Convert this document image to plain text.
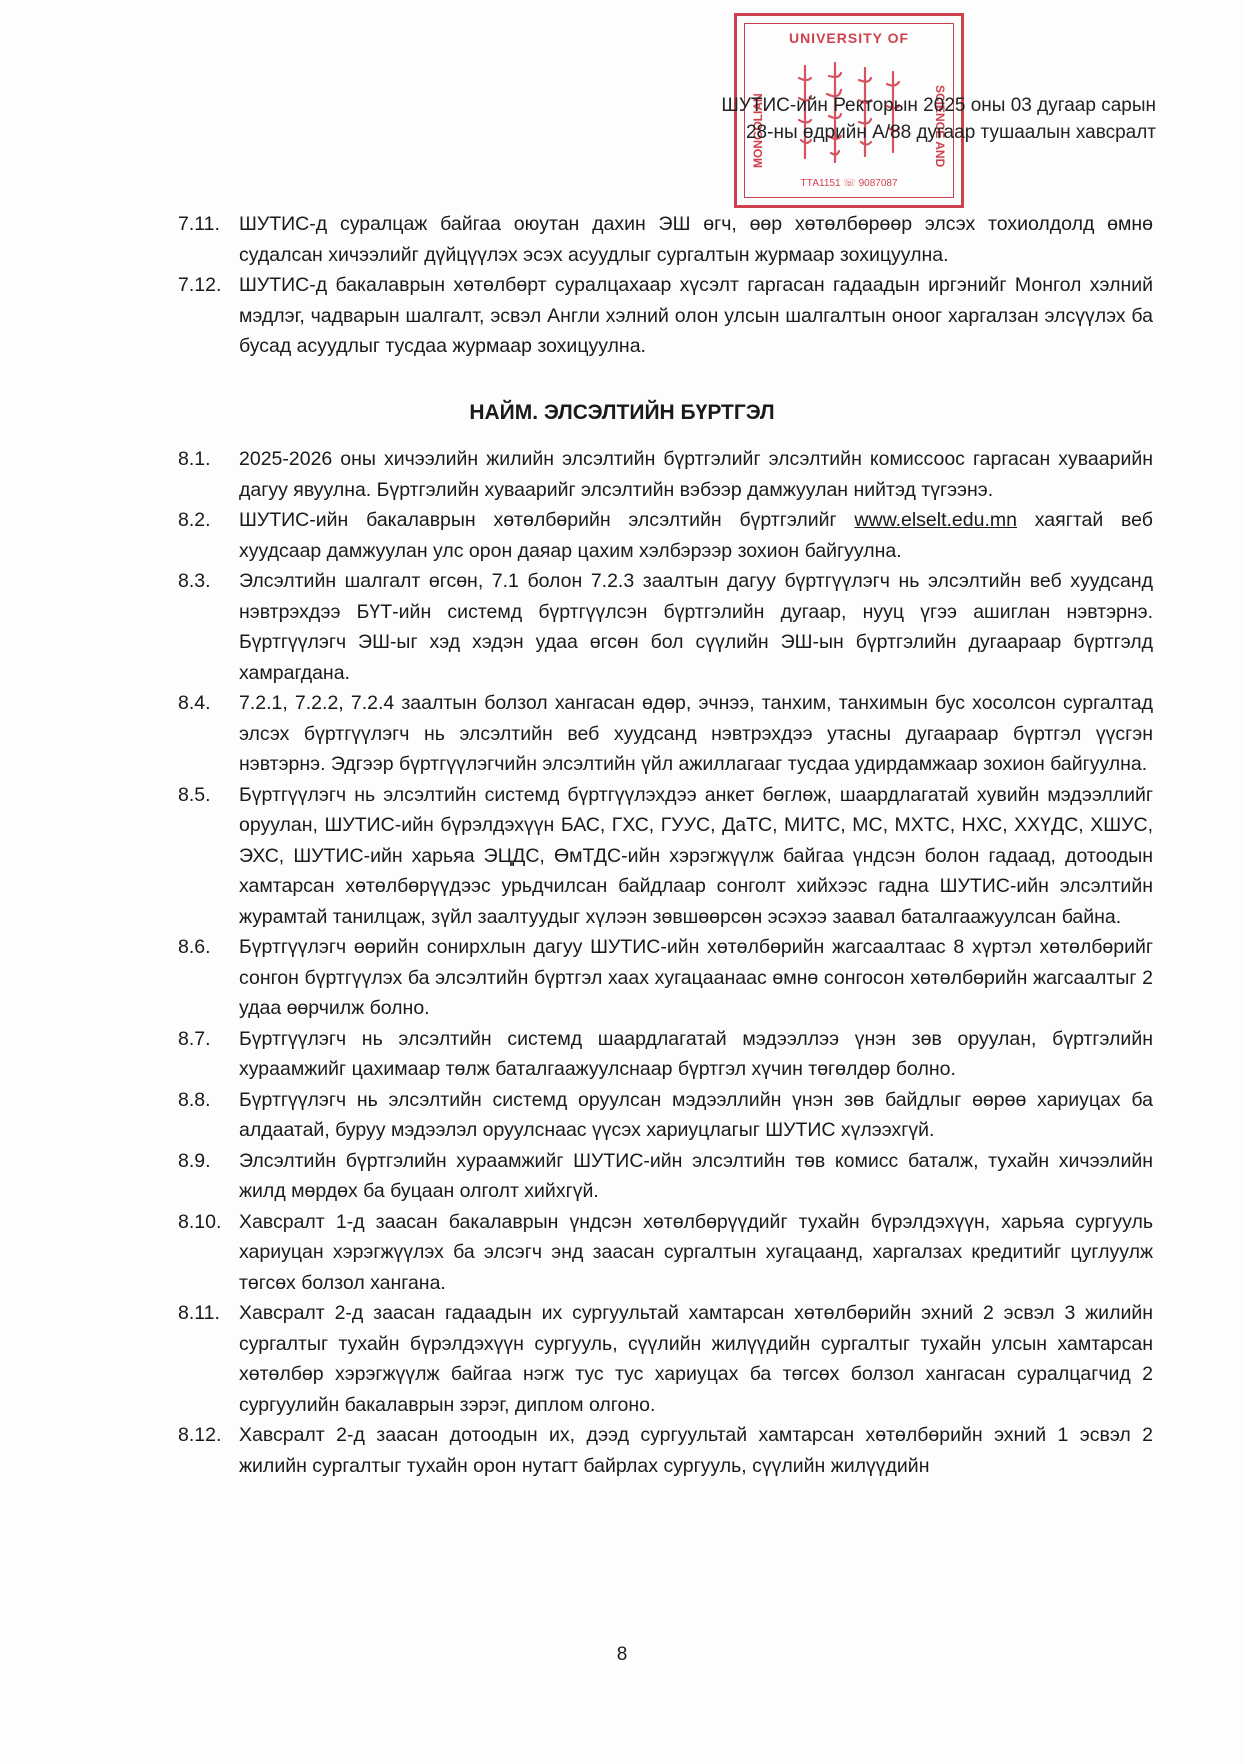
UNIVERSITY OF
MONGOLIAN	SCIENCE AND
ТТА1151 ☏ 9087087
ШУТИС-ийн Ректорын 2025 оны 03 дугаар сарын
28-ны өдрийн А/88 дугаар тушаалын хавсралт

7.11. ШУТИС-д суралцаж байгаа оюутан дахин ЭШ өгч, өөр хөтөлбөрөөр элсэх тохиолдолд өмнө судалсан хичээлийг дүйцүүлэх эсэх асуудлыг сургалтын журмаар зохицуулна.

7.12. ШУТИС-д бакалаврын хөтөлбөрт суралцахаар хүсэлт гаргасан гадаадын иргэнийг Монгол хэлний мэдлэг, чадварын шалгалт, эсвэл Англи хэлний олон улсын шалгалтын оноог харгалзан элсүүлэх ба бусад асуудлыг тусдаа журмаар зохицуулна.

НАЙМ. ЭЛСЭЛТИЙН БҮРТГЭЛ

8.1.	2025-2026 оны хичээлийн жилийн элсэлтийн бүртгэлийг элсэлтийн комиссоос гаргасан хуваарийн дагуу явуулна. Бүртгэлийн хуваарийг элсэлтийн вэбээр дамжуулан нийтэд түгээнэ.

8.2.	ШУТИС-ийн бакалаврын хөтөлбөрийн элсэлтийн бүртгэлийг www.elselt.edu.mn хаягтай веб хуудсаар дамжуулан улс орон даяар цахим хэлбэрээр зохион байгуулна.

8.3.	Элсэлтийн шалгалт өгсөн, 7.1 болон 7.2.3 заалтын дагуу бүртгүүлэгч нь элсэлтийн веб хуудсанд нэвтрэхдээ БҮТ-ийн системд бүртгүүлсэн бүртгэлийн дугаар, нууц үгээ ашиглан нэвтэрнэ. Бүртгүүлэгч ЭШ-ыг хэд хэдэн удаа өгсөн бол сүүлийн ЭШ-ын бүртгэлийн дугаараар бүртгэлд хамрагдана.

8.4.	7.2.1, 7.2.2, 7.2.4 заалтын болзол хангасан өдөр, эчнээ, танхим, танхимын бус хосолсон сургалтад элсэх бүртгүүлэгч нь элсэлтийн веб хуудсанд нэвтрэхдээ утасны дугаараар бүртгэл үүсгэн нэвтэрнэ. Эдгээр бүртгүүлэгчийн элсэлтийн үйл ажиллагааг тусдаа удирдамжаар зохион байгуулна.

8.5.	Бүртгүүлэгч нь элсэлтийн системд бүртгүүлэхдээ анкет бөглөж, шаардлагатай хувийн мэдээллийг оруулан, ШУТИС-ийн бүрэлдэхүүн БАС, ГХС, ГУУС, ДаТС, МИТС, МС, МХТС, НХС, ХХҮДС, ХШУС, ЭХС, ШУТИС-ийн харьяа ЭЦДС, ӨмТДС-ийн хэрэгжүүлж байгаа үндсэн болон гадаад, дотоодын хамтарсан хөтөлбөрүүдээс урьдчилсан байдлаар сонголт хийхээс гадна ШУТИС-ийн элсэлтийн журамтай танилцаж, зүйл заалтуудыг хүлээн зөвшөөрсөн эсэхээ заавал баталгаажуулсан байна.

8.6.	Бүртгүүлэгч өөрийн сонирхлын дагуу ШУТИС-ийн хөтөлбөрийн жагсаалтаас 8 хүртэл хөтөлбөрийг сонгон бүртгүүлэх ба элсэлтийн бүртгэл хаах хугацаанаас өмнө сонгосон хөтөлбөрийн жагсаалтыг 2 удаа өөрчилж болно.

8.7.	Бүртгүүлэгч нь элсэлтийн системд шаардлагатай мэдээллээ үнэн зөв оруулан, бүртгэлийн хураамжийг цахимаар төлж баталгаажуулснаар бүртгэл хүчин төгөлдөр болно.

8.8.	Бүртгүүлэгч нь элсэлтийн системд оруулсан мэдээллийн үнэн зөв байдлыг өөрөө хариуцах ба алдаатай, буруу мэдээлэл оруулснаас үүсэх хариуцлагыг ШУТИС хүлээхгүй.

8.9.	Элсэлтийн бүртгэлийн хураамжийг ШУТИС-ийн элсэлтийн төв комисс баталж, тухайн хичээлийн жилд мөрдөх ба буцаан олголт хийхгүй.

8.10. Хавсралт 1-д заасан бакалаврын үндсэн хөтөлбөрүүдийг тухайн бүрэлдэхүүн, харьяа сургууль хариуцан хэрэгжүүлэх ба элсэгч энд заасан сургалтын хугацаанд, харгалзах кредитийг цуглуулж төгсөх болзол хангана.

8.11. Хавсралт 2-д заасан гадаадын их сургуультай хамтарсан хөтөлбөрийн эхний 2 эсвэл 3 жилийн сургалтыг тухайн бүрэлдэхүүн сургууль, сүүлийн жилүүдийн сургалтыг тухайн улсын хамтарсан хөтөлбөр хэрэгжүүлж байгаа нэгж тус тус хариуцах ба төгсөх болзол хангасан суралцагчид 2 сургуулийн бакалаврын зэрэг, диплом олгоно.

8.12. Хавсралт 2-д заасан дотоодын их, дээд сургуультай хамтарсан хөтөлбөрийн эхний 1 эсвэл 2 жилийн сургалтыг тухайн орон нутагт байрлах сургууль, сүүлийн жилүүдийн

8
